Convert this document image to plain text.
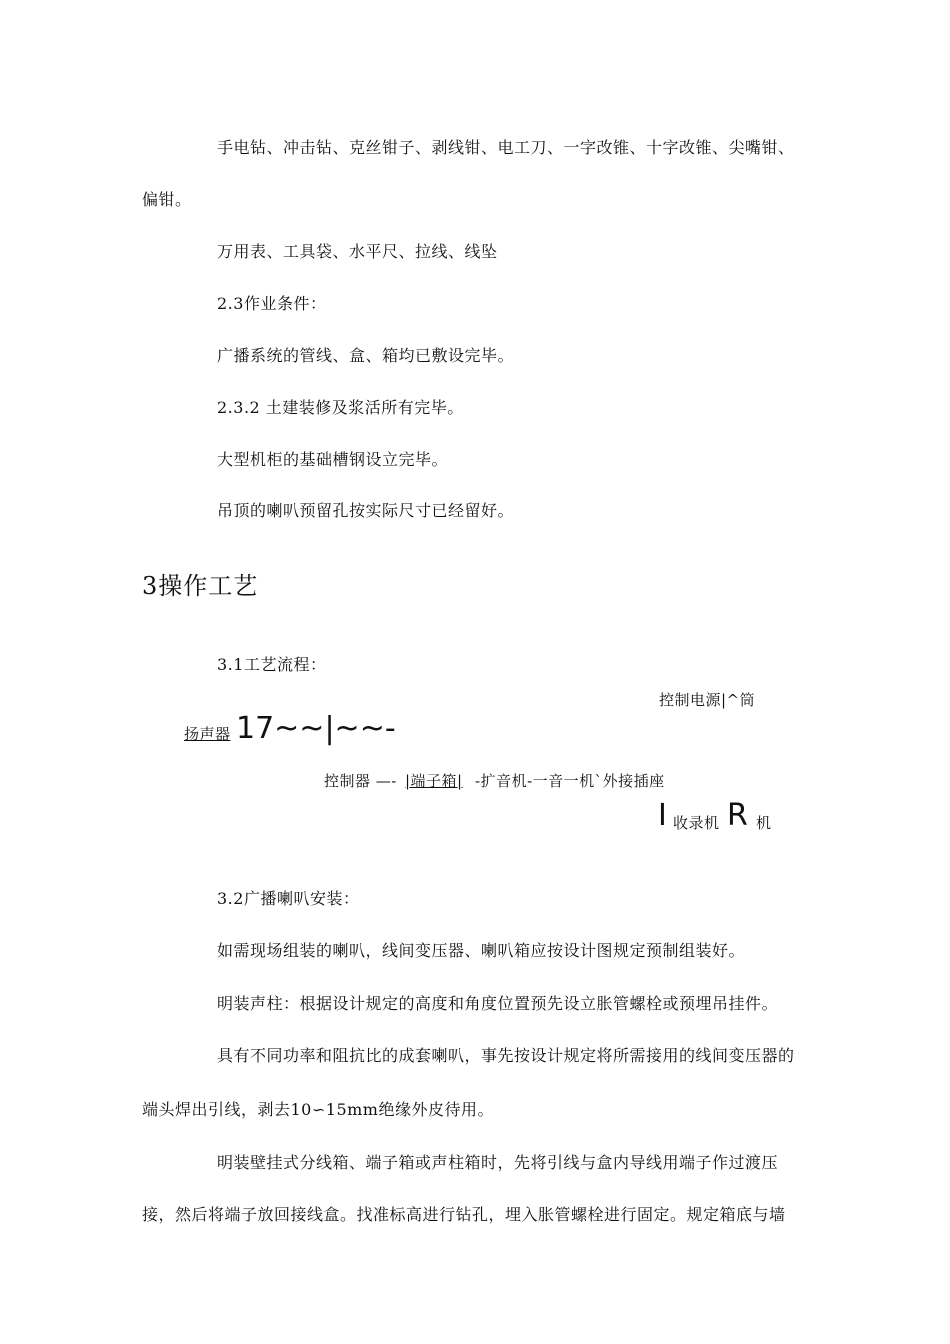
手电钻、冲击钻、克丝钳子、剥线钳、电工刀、一字改锥、十字改锥、尖嘴钳、
偏钳。
万用表、工具袋、水平尺、拉线、线坠
2.3作业条件：
广播系统的管线、盒、箱均已敷设完毕。
2.3.2 土建装修及浆活所有完毕。
大型机柜的基础槽钢设立完毕。
吊顶的喇叭预留孔按实际尺寸已经留好。
3操作工艺
3.1工艺流程：
控制电源|^筒
扬声器 17~~|~~-
控制器 —- |端子箱| -扩音机-一音一机`外接插座
I 收录机 R 机
3.2广播喇叭安装：
如需现场组装的喇叭，线间变压器、喇叭箱应按设计图规定预制组装好。
明装声柱：根据设计规定的高度和角度位置预先设立胀管螺栓或预埋吊挂件。
具有不同功率和阻抗比的成套喇叭，事先按设计规定将所需接用的线间变压器的
端头焊出引线，剥去10∽15mm绝缘外皮待用。
明装壁挂式分线箱、端子箱或声柱箱时，先将引线与盒内导线用端子作过渡压
接，然后将端子放回接线盒。找准标高进行钻孔，埋入胀管螺栓进行固定。规定箱底与墙
